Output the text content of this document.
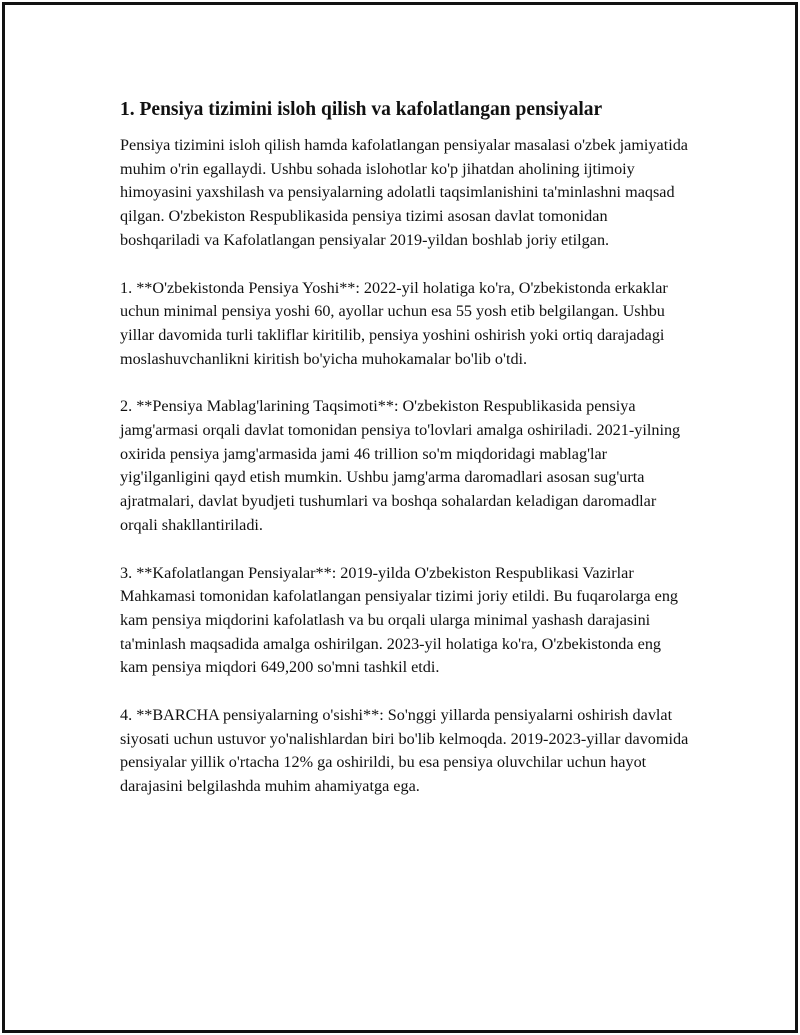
1. Pensiya tizimini isloh qilish va kafolatlangan pensiyalar

Pensiya tizimini isloh qilish hamda kafolatlangan pensiyalar masalasi o'zbek jamiyatida muhim o'rin egallaydi. Ushbu sohada islohotlar ko'p jihatdan aholining ijtimoiy himoyasini yaxshilash va pensiyalarning adolatli taqsimlanishini ta'minlashni maqsad qilgan. O'zbekiston Respublikasida pensiya tizimi asosan davlat tomonidan boshqariladi va Kafolatlangan pensiyalar 2019-yildan boshlab joriy etilgan.

1. **O'zbekistonda Pensiya Yoshi**: 2022-yil holatiga ko'ra, O'zbekistonda erkaklar uchun minimal pensiya yoshi 60, ayollar uchun esa 55 yosh etib belgilangan. Ushbu yillar davomida turli takliflar kiritilib, pensiya yoshini oshirish yoki ortiq darajadagi moslashuvchanlikni kiritish bo'yicha muhokamalar bo'lib o'tdi.

2. **Pensiya Mablag'larining Taqsimoti**: O'zbekiston Respublikasida pensiya jamg'armasi orqali davlat tomonidan pensiya to'lovlari amalga oshiriladi. 2021-yilning oxirida pensiya jamg'armasida jami 46 trillion so'm miqdoridagi mablag'lar yig'ilganligini qayd etish mumkin. Ushbu jamg'arma daromadlari asosan sug'urta ajratmalari, davlat byudjeti tushumlari va boshqa sohalardan keladigan daromadlar orqali shakllantiriladi.

3. **Kafolatlangan Pensiyalar**: 2019-yilda O'zbekiston Respublikasi Vazirlar Mahkamasi tomonidan kafolatlangan pensiyalar tizimi joriy etildi. Bu fuqarolarga eng kam pensiya miqdorini kafolatlash va bu orqali ularga minimal yashash darajasini ta'minlash maqsadida amalga oshirilgan. 2023-yil holatiga ko'ra, O'zbekistonda eng kam pensiya miqdori 649,200 so'mni tashkil etdi.

4. **BARCHA pensiyalarning o'sishi**: So'nggi yillarda pensiyalarni oshirish davlat siyosati uchun ustuvor yo'nalishlardan biri bo'lib kelmoqda. 2019-2023-yillar davomida pensiyalar yillik o'rtacha 12% ga oshirildi, bu esa pensiya oluvchilar uchun hayot darajasini belgilashda muhim ahamiyatga ega.
